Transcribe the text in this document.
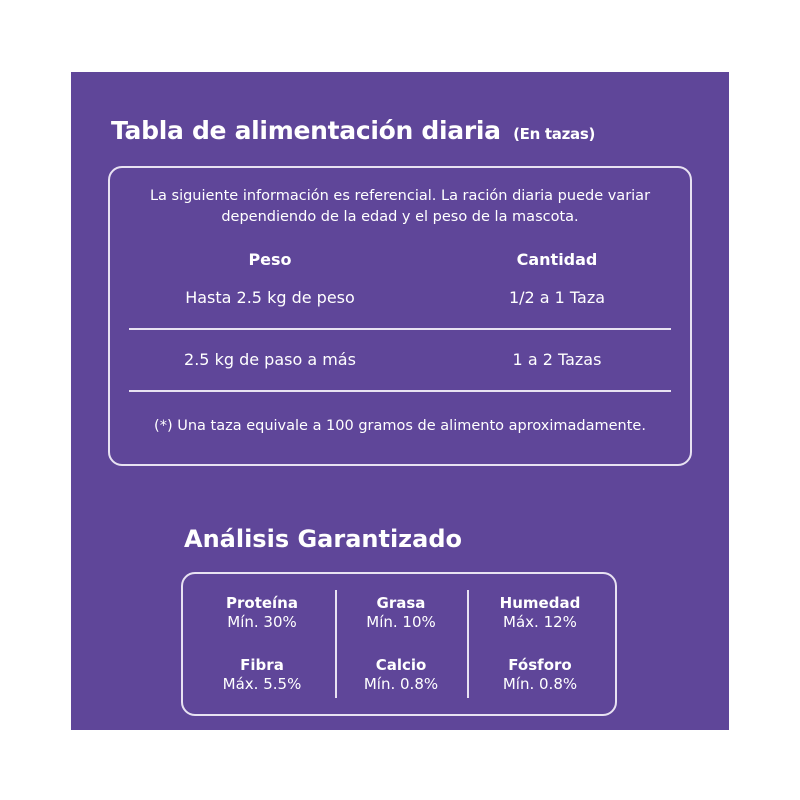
Tabla de alimentación diaria (En tazas)
La siguiente información es referencial. La ración diaria puede variar
dependiendo de la edad y el peso de la mascota.
Peso	Cantidad
Hasta 2.5 kg de peso	1/2 a 1 Taza
2.5 kg de paso a más	1 a 2 Tazas
(*) Una taza equivale a 100 gramos de alimento aproximadamente.
Análisis Garantizado
Proteína
Mín. 30%
Grasa
Mín. 10%
Humedad
Máx. 12%
Fibra
Máx. 5.5%
Calcio
Mín. 0.8%
Fósforo
Mín. 0.8%
